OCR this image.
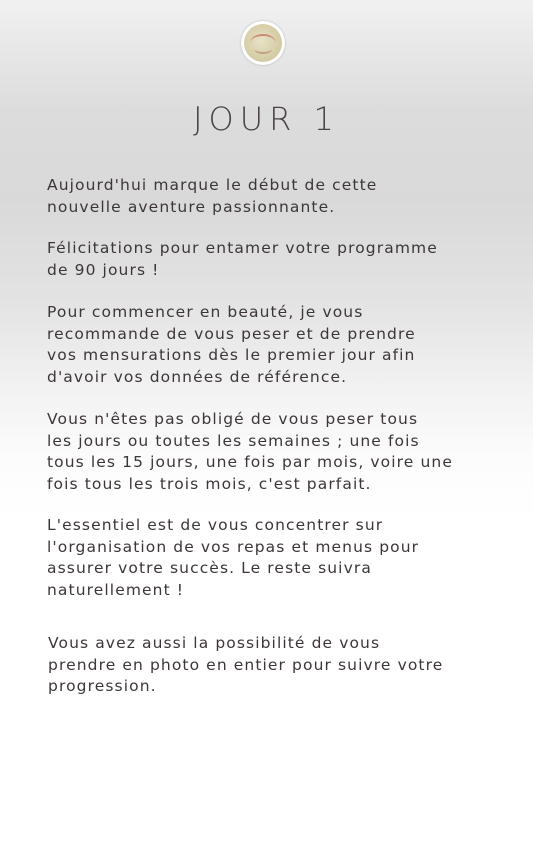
JOUR 1

Aujourd'hui marque le début de cette
nouvelle aventure passionnante.

Félicitations pour entamer votre programme
de 90 jours !

Pour commencer en beauté, je vous
recommande de vous peser et de prendre
vos mensurations dès le premier jour afin
d'avoir vos données de référence.

Vous n'êtes pas obligé de vous peser tous
les jours ou toutes les semaines ; une fois
tous les 15 jours, une fois par mois, voire une
fois tous les trois mois, c'est parfait.

L'essentiel est de vous concentrer sur
l'organisation de vos repas et menus pour
assurer votre succès. Le reste suivra
naturellement !

Vous avez aussi la possibilité de vous
prendre en photo en entier pour suivre votre
progression.
